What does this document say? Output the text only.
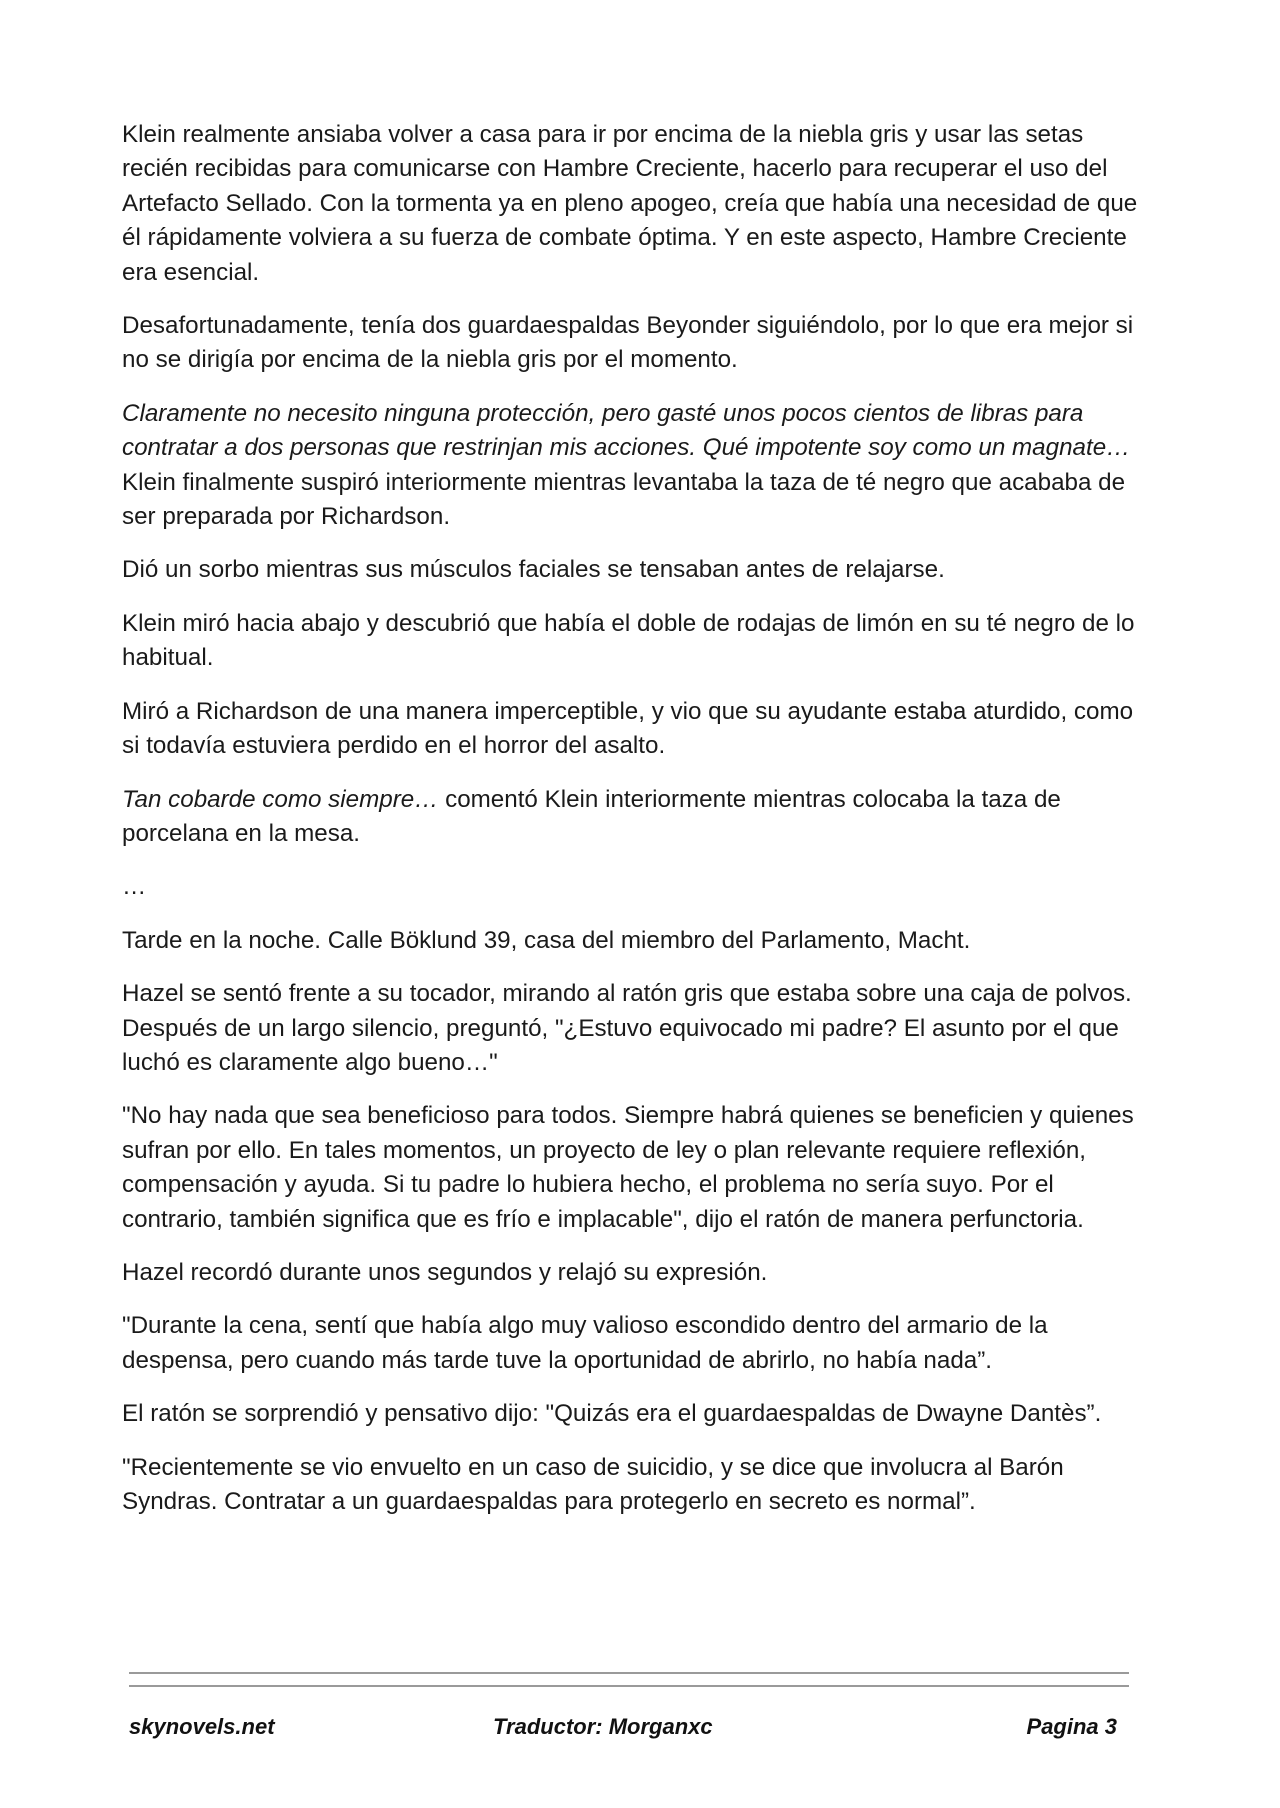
Klein realmente ansiaba volver a casa para ir por encima de la niebla gris y usar las setas recién recibidas para comunicarse con Hambre Creciente, hacerlo para recuperar el uso del Artefacto Sellado. Con la tormenta ya en pleno apogeo, creía que había una necesidad de que él rápidamente volviera a su fuerza de combate óptima. Y en este aspecto, Hambre Creciente era esencial.

Desafortunadamente, tenía dos guardaespaldas Beyonder siguiéndolo, por lo que era mejor si no se dirigía por encima de la niebla gris por el momento.

Claramente no necesito ninguna protección, pero gasté unos pocos cientos de libras para contratar a dos personas que restrinjan mis acciones. Qué impotente soy como un magnate… Klein finalmente suspiró interiormente mientras levantaba la taza de té negro que acababa de ser preparada por Richardson.

Dió un sorbo mientras sus músculos faciales se tensaban antes de relajarse.

Klein miró hacia abajo y descubrió que había el doble de rodajas de limón en su té negro de lo habitual.

Miró a Richardson de una manera imperceptible, y vio que su ayudante estaba aturdido, como si todavía estuviera perdido en el horror del asalto.

Tan cobarde como siempre… comentó Klein interiormente mientras colocaba la taza de porcelana en la mesa.

…

Tarde en la noche. Calle Böklund 39, casa del miembro del Parlamento, Macht.

Hazel se sentó frente a su tocador, mirando al ratón gris que estaba sobre una caja de polvos. Después de un largo silencio, preguntó, "¿Estuvo equivocado mi padre? El asunto por el que luchó es claramente algo bueno…"

"No hay nada que sea beneficioso para todos. Siempre habrá quienes se beneficien y quienes sufran por ello. En tales momentos, un proyecto de ley o plan relevante requiere reflexión, compensación y ayuda. Si tu padre lo hubiera hecho, el problema no sería suyo. Por el contrario, también significa que es frío e implacable", dijo el ratón de manera perfunctoria.

Hazel recordó durante unos segundos y relajó su expresión.

"Durante la cena, sentí que había algo muy valioso escondido dentro del armario de la despensa, pero cuando más tarde tuve la oportunidad de abrirlo, no había nada”.

El ratón se sorprendió y pensativo dijo: "Quizás era el guardaespaldas de Dwayne Dantès”.

"Recientemente se vio envuelto en un caso de suicidio, y se dice que involucra al Barón Syndras. Contratar a un guardaespaldas para protegerlo en secreto es normal”.

skynovels.net	Traductor: Morganxc	Pagina 3
